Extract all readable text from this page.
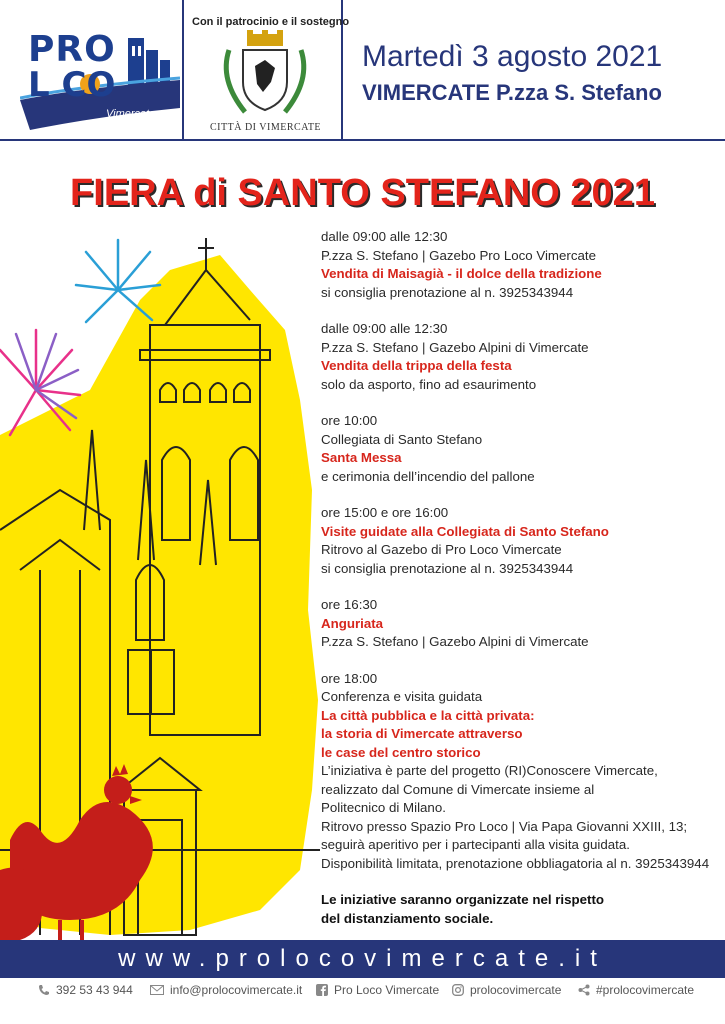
PRO
L CO
Vimercate
Con il patrocinio e il sostegno
CITTÀ DI VIMERCATE
Martedì 3 agosto 2021
VIMERCATE P.zza S. Stefano
FIERA di SANTO STEFANO 2021
dalle 09:00 alle 12:30
P.zza S. Stefano | Gazebo Pro Loco Vimercate
Vendita di Maisagià - il dolce della tradizione
si consiglia prenotazione al n. 3925343944
dalle 09:00 alle 12:30
P.zza S. Stefano | Gazebo Alpini di Vimercate
Vendita della trippa della festa
solo da asporto, fino ad esaurimento
ore 10:00
Collegiata di Santo Stefano
Santa Messa
e cerimonia dell’incendio del pallone
ore 15:00 e ore 16:00
Visite guidate alla Collegiata di Santo Stefano
Ritrovo al Gazebo di Pro Loco Vimercate
si consiglia prenotazione al n. 3925343944
ore 16:30
Anguriata
P.zza S. Stefano | Gazebo Alpini di Vimercate
ore 18:00
Conferenza e visita guidata
La città pubblica e la città privata:
la storia di Vimercate attraverso
le case del centro storico
L’iniziativa è parte del progetto (RI)Conoscere Vimercate,
realizzato dal Comune di Vimercate insieme al
Politecnico di Milano.
Ritrovo presso Spazio Pro Loco | Via Papa Giovanni XXIII, 13;
seguirà aperitivo per i partecipanti alla visita guidata.
Disponibilità limitata, prenotazione obbliagatoria al n. 3925343944
Le iniziative saranno organizzate nel rispetto
del distanziamento sociale.
www.prolocovimercate.it
392 53 43 944	info@prolocovimercate.it	Pro Loco Vimercate	prolocovimercate	#prolocovimercate
